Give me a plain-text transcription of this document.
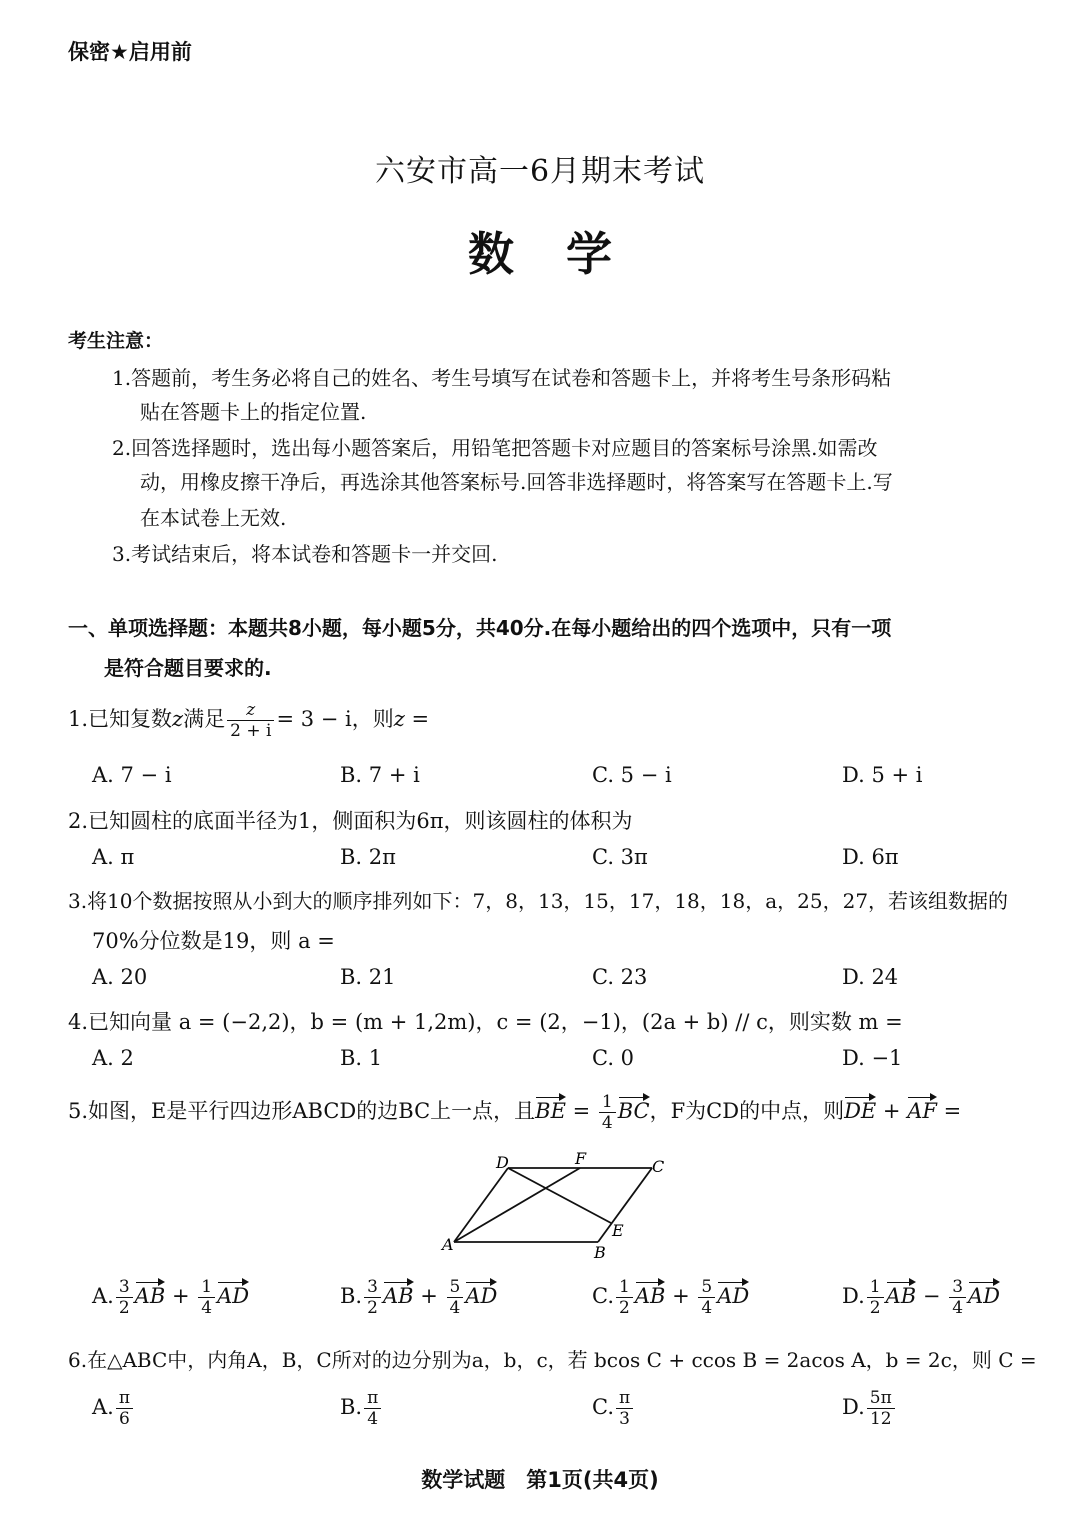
保密★启用前
六安市高一6月期末考试
数学
考生注意：
1.答题前，考生务必将自己的姓名、考生号填写在试卷和答题卡上，并将考生号条形码粘
贴在答题卡上的指定位置.
2.回答选择题时，选出每小题答案后，用铅笔把答题卡对应题目的答案标号涂黑.如需改
动，用橡皮擦干净后，再选涂其他答案标号.回答非选择题时，将答案写在答题卡上.写
在本试卷上无效.
3.考试结束后，将本试卷和答题卡一并交回.
一、单项选择题：本题共8小题，每小题5分，共40分.在每小题给出的四个选项中，只有一项
是符合题目要求的.
1.已知复数z满足 $\frac{z}{2 + i} = 3 - i$，则z =
A. 7 − i	B. 7 + i	C. 5 − i	D. 5 + i
2.已知圆柱的底面半径为1，侧面积为6π，则该圆柱的体积为
A. π	B. 2π	C. 3π	D. 6π
3.将10个数据按照从小到大的顺序排列如下：7，8，13，15，17，18，18，a，25，27，若该组数据的
70%分位数是19，则 a =
A. 20	B. 21	C. 23	D. 24
4.已知向量 a = (−2,2)，b = (m + 1,2m)，c = (2，−1)，(2a + b) // c，则实数 m =
A. 2	B. 1	C. 0	D. −1
5.如图，E是平行四边形ABCD的边BC上一点，且BE = $\frac{1}{4}$ BC，F为CD的中点，则DE + AF =
A	B
C
D
E
F
A. $\frac{3}{2}$ AB + $\frac{1}{4}$ AD	B. $\frac{3}{2}$ AB + $\frac{5}{4}$ AD	C. $\frac{1}{2}$ AB + $\frac{5}{4}$ AD	D. $\frac{1}{2}$ AB − $\frac{3}{4}$ AD
6.在△ABC中，内角A，B，C所对的边分别为a，b，c，若 bcos C + ccos B = 2acos A，b = 2c，则 C =
A. $\frac{\pi}{6}$	B. $\frac{\pi}{4}$	C. $\frac{\pi}{3}$	D. $\frac{5\pi}{12}$
数学试题　第1页(共4页)
